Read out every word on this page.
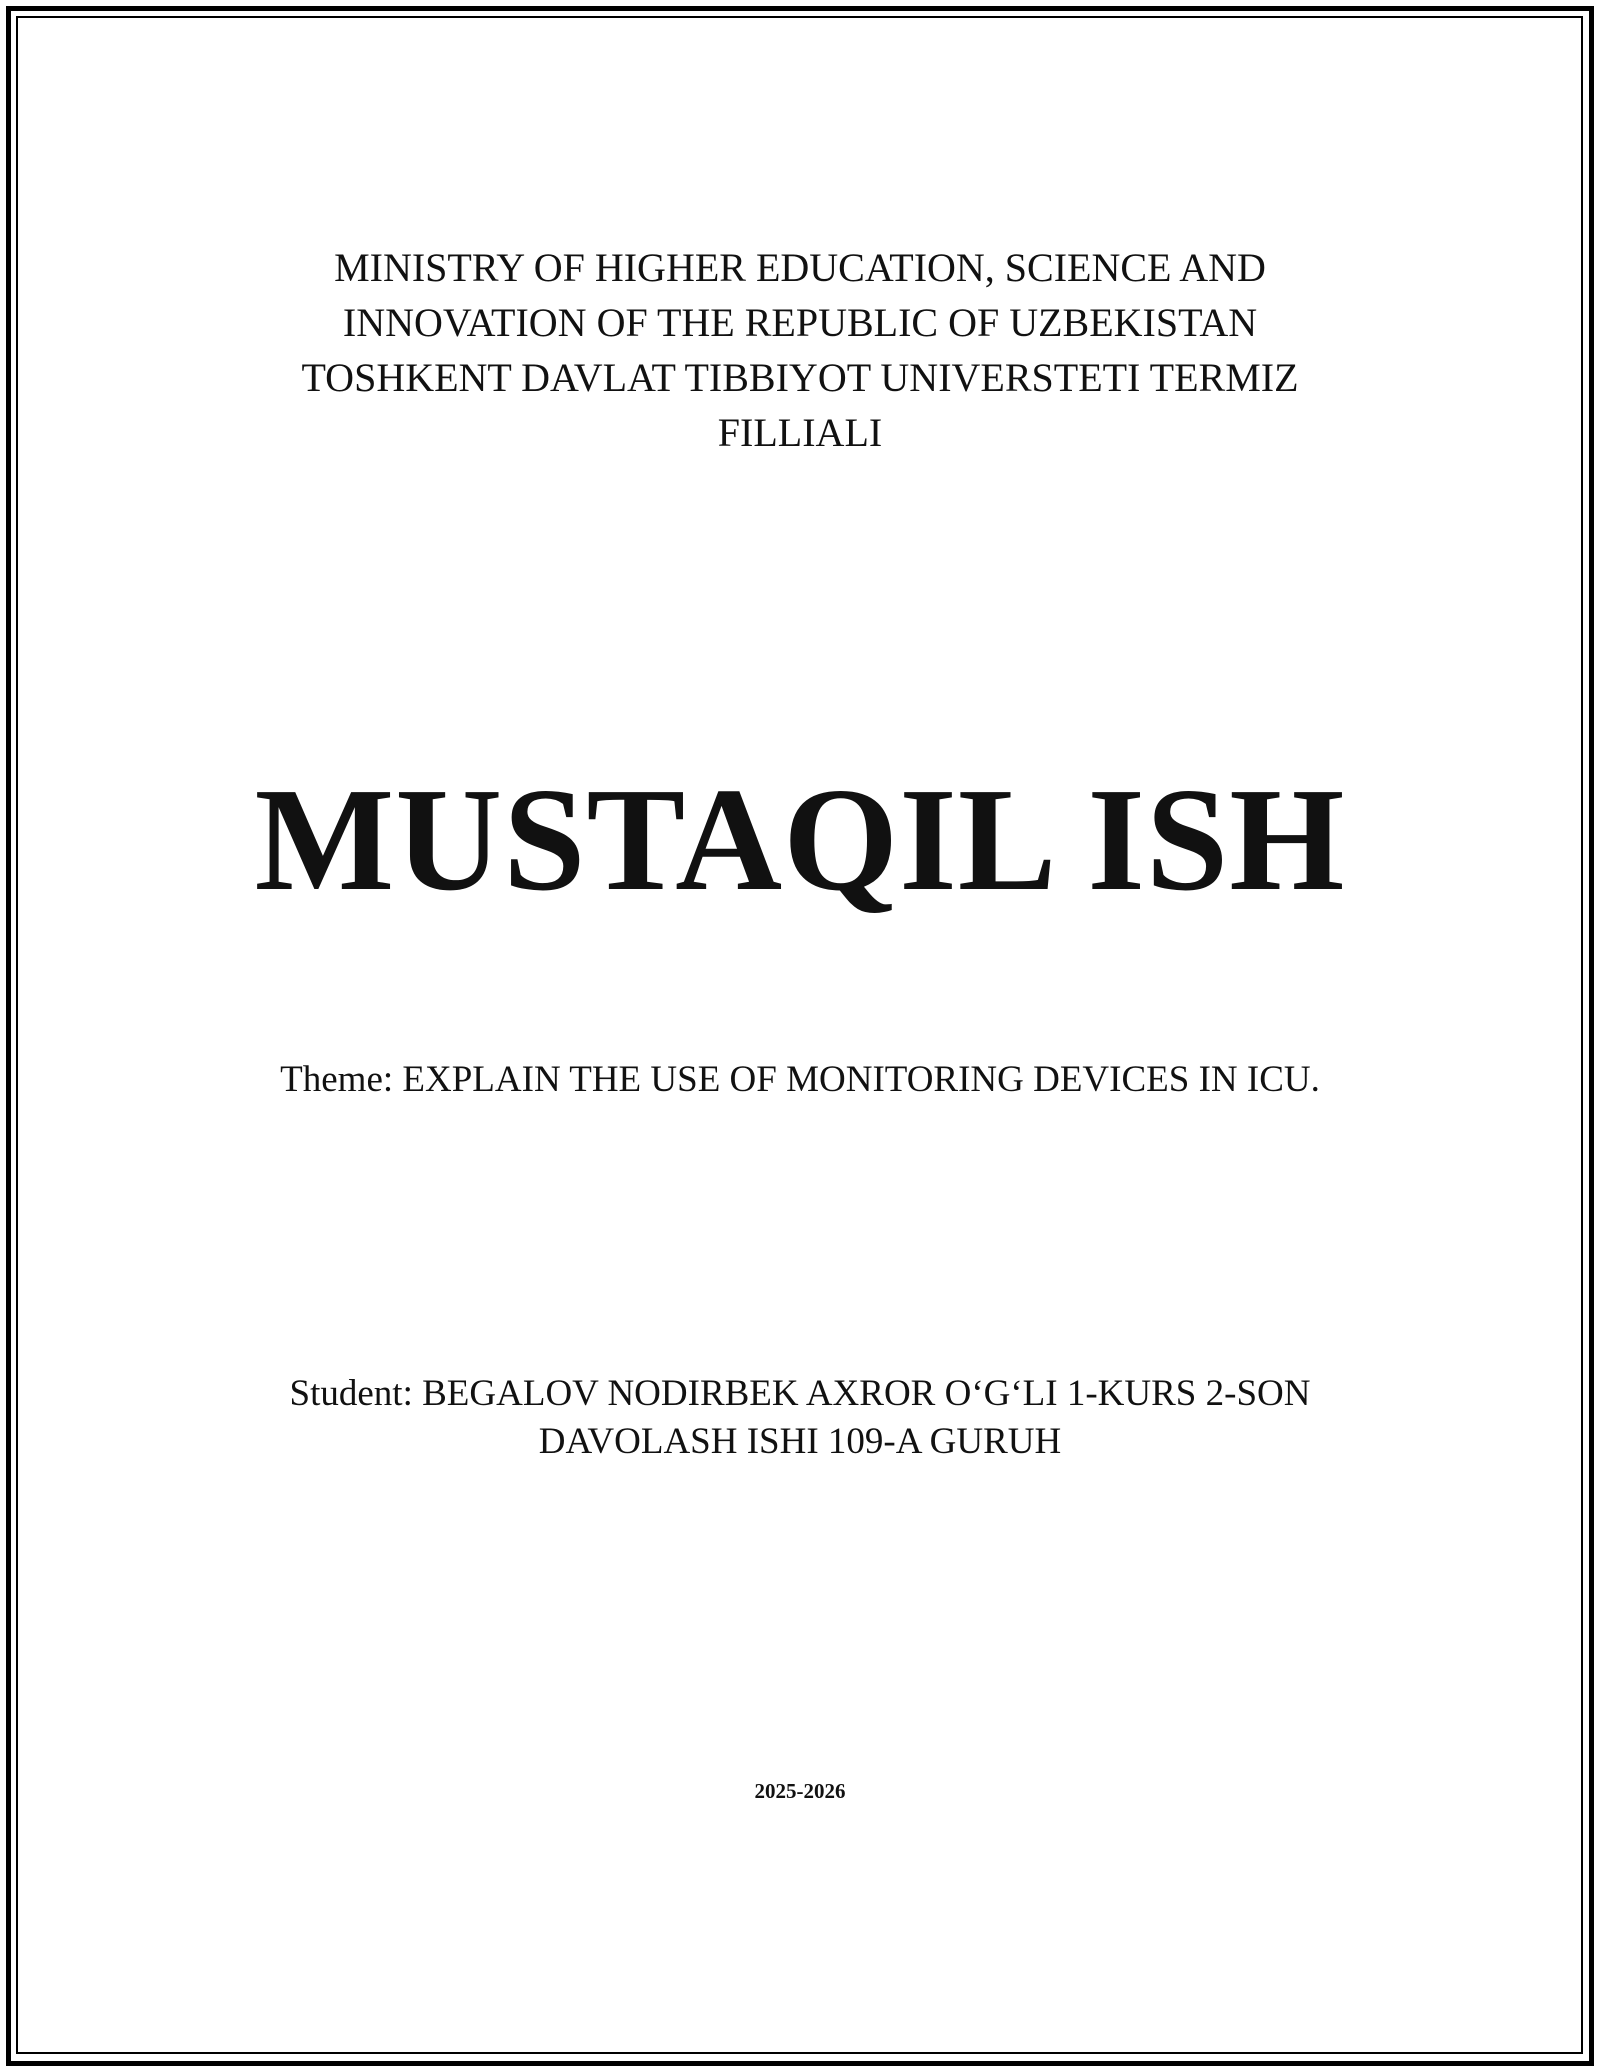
MINISTRY OF HIGHER EDUCATION, SCIENCE AND
INNOVATION OF THE REPUBLIC OF UZBEKISTAN
TOSHKENT DAVLAT TIBBIYOT UNIVERSTETI TERMIZ
FILLIALI
MUSTAQIL ISH
Theme: EXPLAIN THE USE OF MONITORING DEVICES IN ICU.
Student: BEGALOV NODIRBEK AXROR O‘G‘LI 1-KURS 2-SON
DAVOLASH ISHI 109-A GURUH
2025-2026
